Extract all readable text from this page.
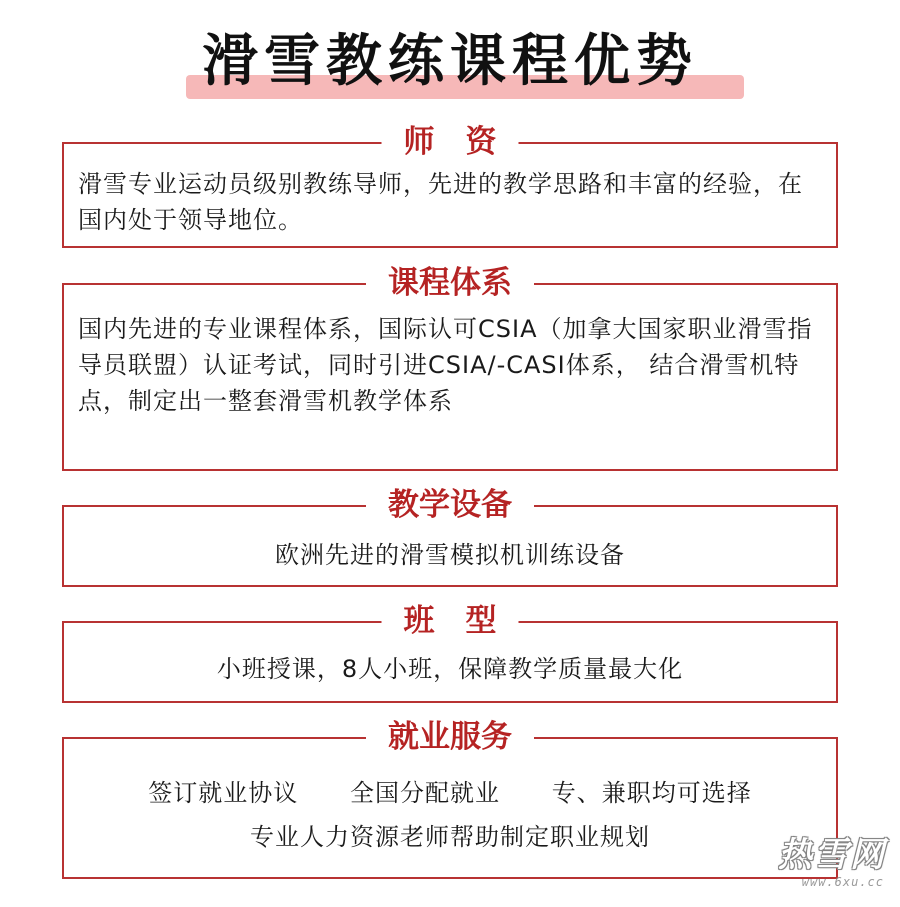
滑雪教练课程优势
师　资
滑雪专业运动员级别教练导师，先进的教学思路和丰富的经验，在国内处于领导地位。
课程体系
国内先进的专业课程体系，国际认可CSIA（加拿大国家职业滑雪指导员联盟）认证考试，同时引进CSIA/-CASI体系， 结合滑雪机特点，制定出一整套滑雪机教学体系
教学设备
欧洲先进的滑雪模拟机训练设备
班　型
小班授课，8人小班，保障教学质量最大化
就业服务
签订就业协议      全国分配就业      专、兼职均可选择
专业人力资源老师帮助制定职业规划	热雪网
www.6xu.cc
